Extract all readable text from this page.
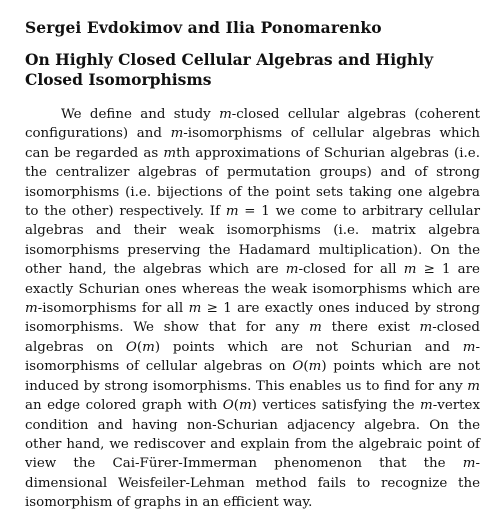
Sergei Evdokimov and Ilia Ponomarenko
On Highly Closed Cellular Algebras and Highly Closed Isomorphisms

We define and study m-closed cellular algebras (coherent configurations) and m-isomorphisms of cellular algebras which can be regarded as mth approximations of Schurian algebras (i.e. the centralizer algebras of permutation groups) and of strong isomorphisms (i.e. bijections of the point sets taking one algebra to the other) respectively. If m = 1 we come to arbitrary cellular algebras and their weak isomorphisms (i.e. matrix algebra isomorphisms preserving the Hadamard multiplication). On the other hand, the algebras which are m-closed for all m ≥ 1 are exactly Schurian ones whereas the weak isomorphisms which are m-isomorphisms for all m ≥ 1 are exactly ones induced by strong isomorphisms. We show that for any m there exist m-closed algebras on O(m) points which are not Schurian and m-isomorphisms of cellular algebras on O(m) points which are not induced by strong isomorphisms. This enables us to find for any m an edge colored graph with O(m) vertices satisfying the m-vertex condition and having non-Schurian adjacency algebra. On the other hand, we rediscover and explain from the algebraic point of view the Cai-Fürer-Immerman phenomenon that the m-dimensional Weisfeiler-Lehman method fails to recognize the isomorphism of graphs in an efficient way.
